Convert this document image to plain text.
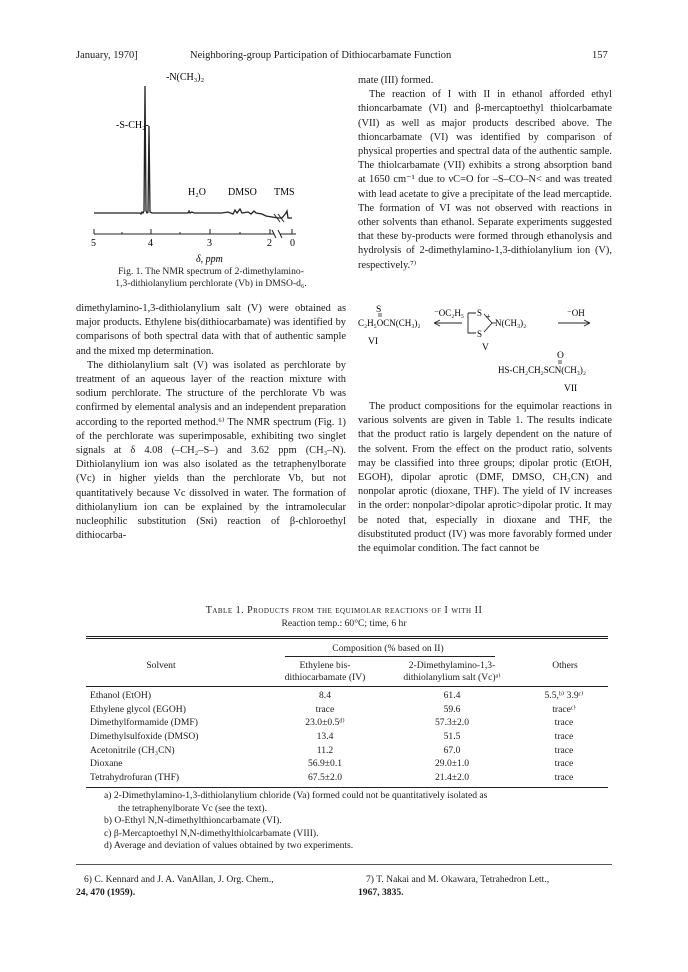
January, 1970]	Neighboring-group Participation of Dithiocarbamate Function	157
-N(CH₃)₂
-S-CH₂-
H₂O DMSO TMS
5	4	3	2 0
δ, ppm
Fig. 1. The NMR spectrum of 2-dimethylamino-
1,3-dithiolanylium perchlorate (Vb) in DMSO-d₆.

dimethylamino-1,3-dithiolanylium salt (V) were obtained as major products. Ethylene bis(dithiocarbamate) was identified by comparisons of both spectral data with that of authentic sample and the mixed mp determination.

The dithiolanylium salt (V) was isolated as perchlorate by treatment of an aqueous layer of the reaction mixture with sodium perchlorate. The structure of the perchlorate Vb was confirmed by elemental analysis and an independent preparation according to the reported method.⁶⁾ The NMR spectrum (Fig. 1) of the perchlorate was superimposable, exhibiting two singlet signals at δ 4.08 (–CH₂–S–) and 3.62 ppm (CH₃–N). Dithiolanylium ion was also isolated as the tetraphenylborate (Vc) in higher yields than the perchlorate Vb, but not quantitatively because Vc dissolved in water. The formation of dithiolanylium ion can be explained by the intramolecular nucleophilic substitution (Sɴi) reaction of β-chloroethyl dithiocarba-

mate (III) formed.

The reaction of I with II in ethanol afforded ethyl thioncarbamate (VI) and β-mercaptoethyl thiolcarbamate (VII) as well as major products described above. The thioncarbamate (VI) was identified by comparison of physical properties and spectral data of the authentic sample. The thiolcarbamate (VII) exhibits a strong absorption band at 1650 cm⁻¹ due to νC=O for –S–CO–N< and was treated with lead acetate to give a precipitate of the lead mercaptide. The formation of VI was not observed with reactions in other solvents than ethanol. Separate experiments suggested that these by-products were formed through ethanolysis and hydrolysis of 2-dimethylamino-1,3-dithiolanylium ion (V), respectively.⁷⁾

S
C₂H₅OCN(CH₃)₂
⁻OC₂H₅ S
S
+
N(CH₃)₂
⁻OH
VI
V
O
HS-CH₂CH₂SCN(CH₃)₂
VII

The product compositions for the equimolar reactions in various solvents are given in Table 1. The results indicate that the product ratio is largely dependent on the nature of the solvent. From the effect on the product ratio, solvents may be classified into three groups; dipolar protic (EtOH, EGOH), dipolar aprotic (DMF, DMSO, CH₃CN) and nonpolar aprotic (dioxane, THF). The yield of IV increases in the order: nonpolar>dipolar aprotic>dipolar protic. It may be noted that, especially in dioxane and THF, the disubstituted product (IV) was more favorably formed under the equimolar condition. The fact cannot be

Table 1. Products from the equimolar reactions of I with II
Reaction temp.: 60°C; time, 6 hr
Solvent
Composition (% based on II)
Ethylene bis-
dithiocarbamate (IV)
2-Dimethylamino-1,3-
dithiolanylium salt (Vc)ᵃ⁾
Others
Ethanol (EtOH)	8.4	61.4	5.5,ᵇ⁾ 3.9ᶜ⁾
Ethylene glycol (EGOH)	trace	59.6	traceᶜ⁾
Dimethylformamide (DMF)	23.0±0.5ᵈ⁾	57.3±2.0	trace
Dimethylsulfoxide (DMSO)	13.4	51.5	trace
Acetonitrile (CH₃CN)	11.2	67.0	trace
Dioxane	56.9±0.1	29.0±1.0	trace
Tetrahydrofuran (THF)	67.5±2.0	21.4±2.0	trace
a) 2-Dimethylamino-1,3-dithiolanylium chloride (Va) formed could not be quantitatively isolated as
the tetraphenylborate Vc (see the text).
b) O-Ethyl N,N-dimethylthioncarbamate (VI).
c) β-Mercaptoethyl N,N-dimethylthiolcarbamate (VIII).
d) Average and deviation of values obtained by two experiments.
6) C. Kennard and J. A. VanAllan, J. Org. Chem.,
24, 470 (1959).
7) T. Nakai and M. Okawara, Tetrahedron Lett.,
1967, 3835.
